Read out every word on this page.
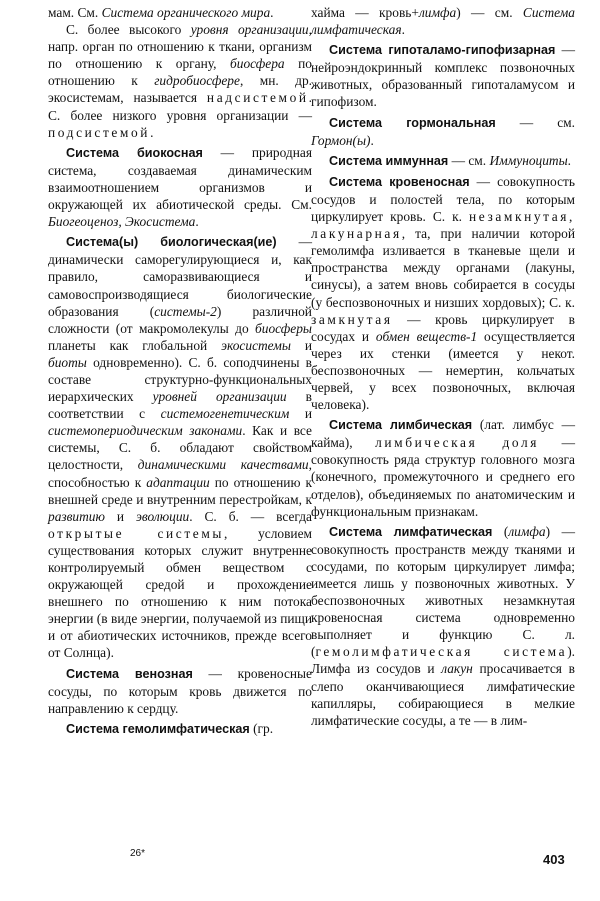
мам. См. Система органического мира.

С. более высокого уровня организации, напр. орган по отношению к ткани, организм по отношению к органу, биосфера по отношению к гидробиосфере, мн. др. экосистемам, называется надсистемой. С. более низкого уровня организации — подсистемой.

Система биокосная — природная система, создаваемая динамическим взаимоотношением организмов и окружающей их абиотической среды. См. Биогеоценоз, Экосистема.

Система(ы) биологическая(ие) — динамически саморегулирующиеся и, как правило, саморазвивающиеся и самовоспроизводящиеся биологические образования (системы-2) различной сложности (от макромолекулы до биосферы планеты как глобальной экосистемы и биоты одновременно). С. б. соподчинены в составе структурно-функциональных иерархических уровней организации в соответствии с системогенетическим и системопериодическим законами. Как и все системы, С. б. обладают свойством целостности, динамическими качествами, способностью к адаптации по отношению к внешней среде и внутренним перестройкам, к развитию и эволюции. С. б. — всегда открытые системы, условием существования которых служит внутренне контролируемый обмен веществом с окружающей средой и прохождение внешнего по отношению к ним потока энергии (в виде энергии, получаемой из пищи и от абиотических источников, прежде всего от Солнца).

Система венозная — кровеносные сосуды, по которым кровь движется по направлению к сердцу.

Система гемолимфатическая (гр.

хайма — кровь+лимфа) — см. Система лимфатическая.

Система гипоталамо-гипофизарная — нейроэндокринный комплекс позвоночных животных, образованный гипоталамусом и гипофизом.

Система гормональная — см. Гормон(ы).

Система иммунная — см. Иммуноциты.

Система кровеносная — совокупность сосудов и полостей тела, по которым циркулирует кровь. С. к. незамкнутая, лакунарная, та, при наличии которой гемолимфа изливается в тканевые щели и пространства между органами (лакуны, синусы), а затем вновь собирается в сосуды (у беспозвоночных и низших хордовых); С. к. замкнутая — кровь циркулирует в сосудах и обмен веществ-1 осуществляется через их стенки (имеется у некот. беспозвоночных — немертин, кольчатых червей, у всех позвоночных, включая человека).

Система лимбическая (лат. лимбус — кайма), лимбическая доля — совокупность ряда структур головного мозга (конечного, промежуточного и среднего его отделов), объединяемых по анатомическим и функциональным признакам.

Система лимфатическая (лимфа) — совокупность пространств между тканями и сосудами, по которым циркулирует лимфа; имеется лишь у позвоночных животных. У беспозвоночных животных незамкнутая кровеносная система одновременно выполняет и функцию С. л. (гемолимфатическая система). Лимфа из сосудов и лакун просачивается в слепо оканчивающиеся лимфатические капилляры, собирающиеся в мелкие лимфатические сосуды, а те — в лим-

26*	403
